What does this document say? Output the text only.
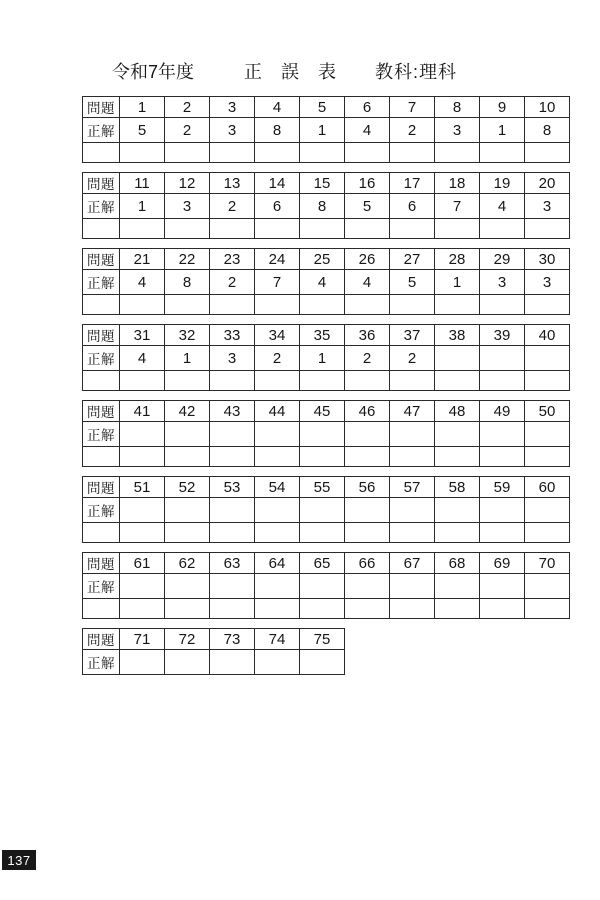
令和7年度	正 誤 表 教科:理科
問題	1	2	3	4	5	6	7	8	9	10
正解	5	2	3	8	1	4	2	3	1	8

問題	11	12	13	14	15	16	17	18	19	20
正解	1	3	2	6	8	5	6	7	4	3

問題	21	22	23	24	25	26	27	28	29	30
正解	4	8	2	7	4	4	5	1	3	3

問題	31	32	33	34	35	36	37	38	39	40
正解	4	1	3	2	1	2	2			

問題	41	42	43	44	45	46	47	48	49	50
正解										

問題	51	52	53	54	55	56	57	58	59	60
正解										

問題	61	62	63	64	65	66	67	68	69	70
正解										

問題	71	72	73	74	75
正解					
137
